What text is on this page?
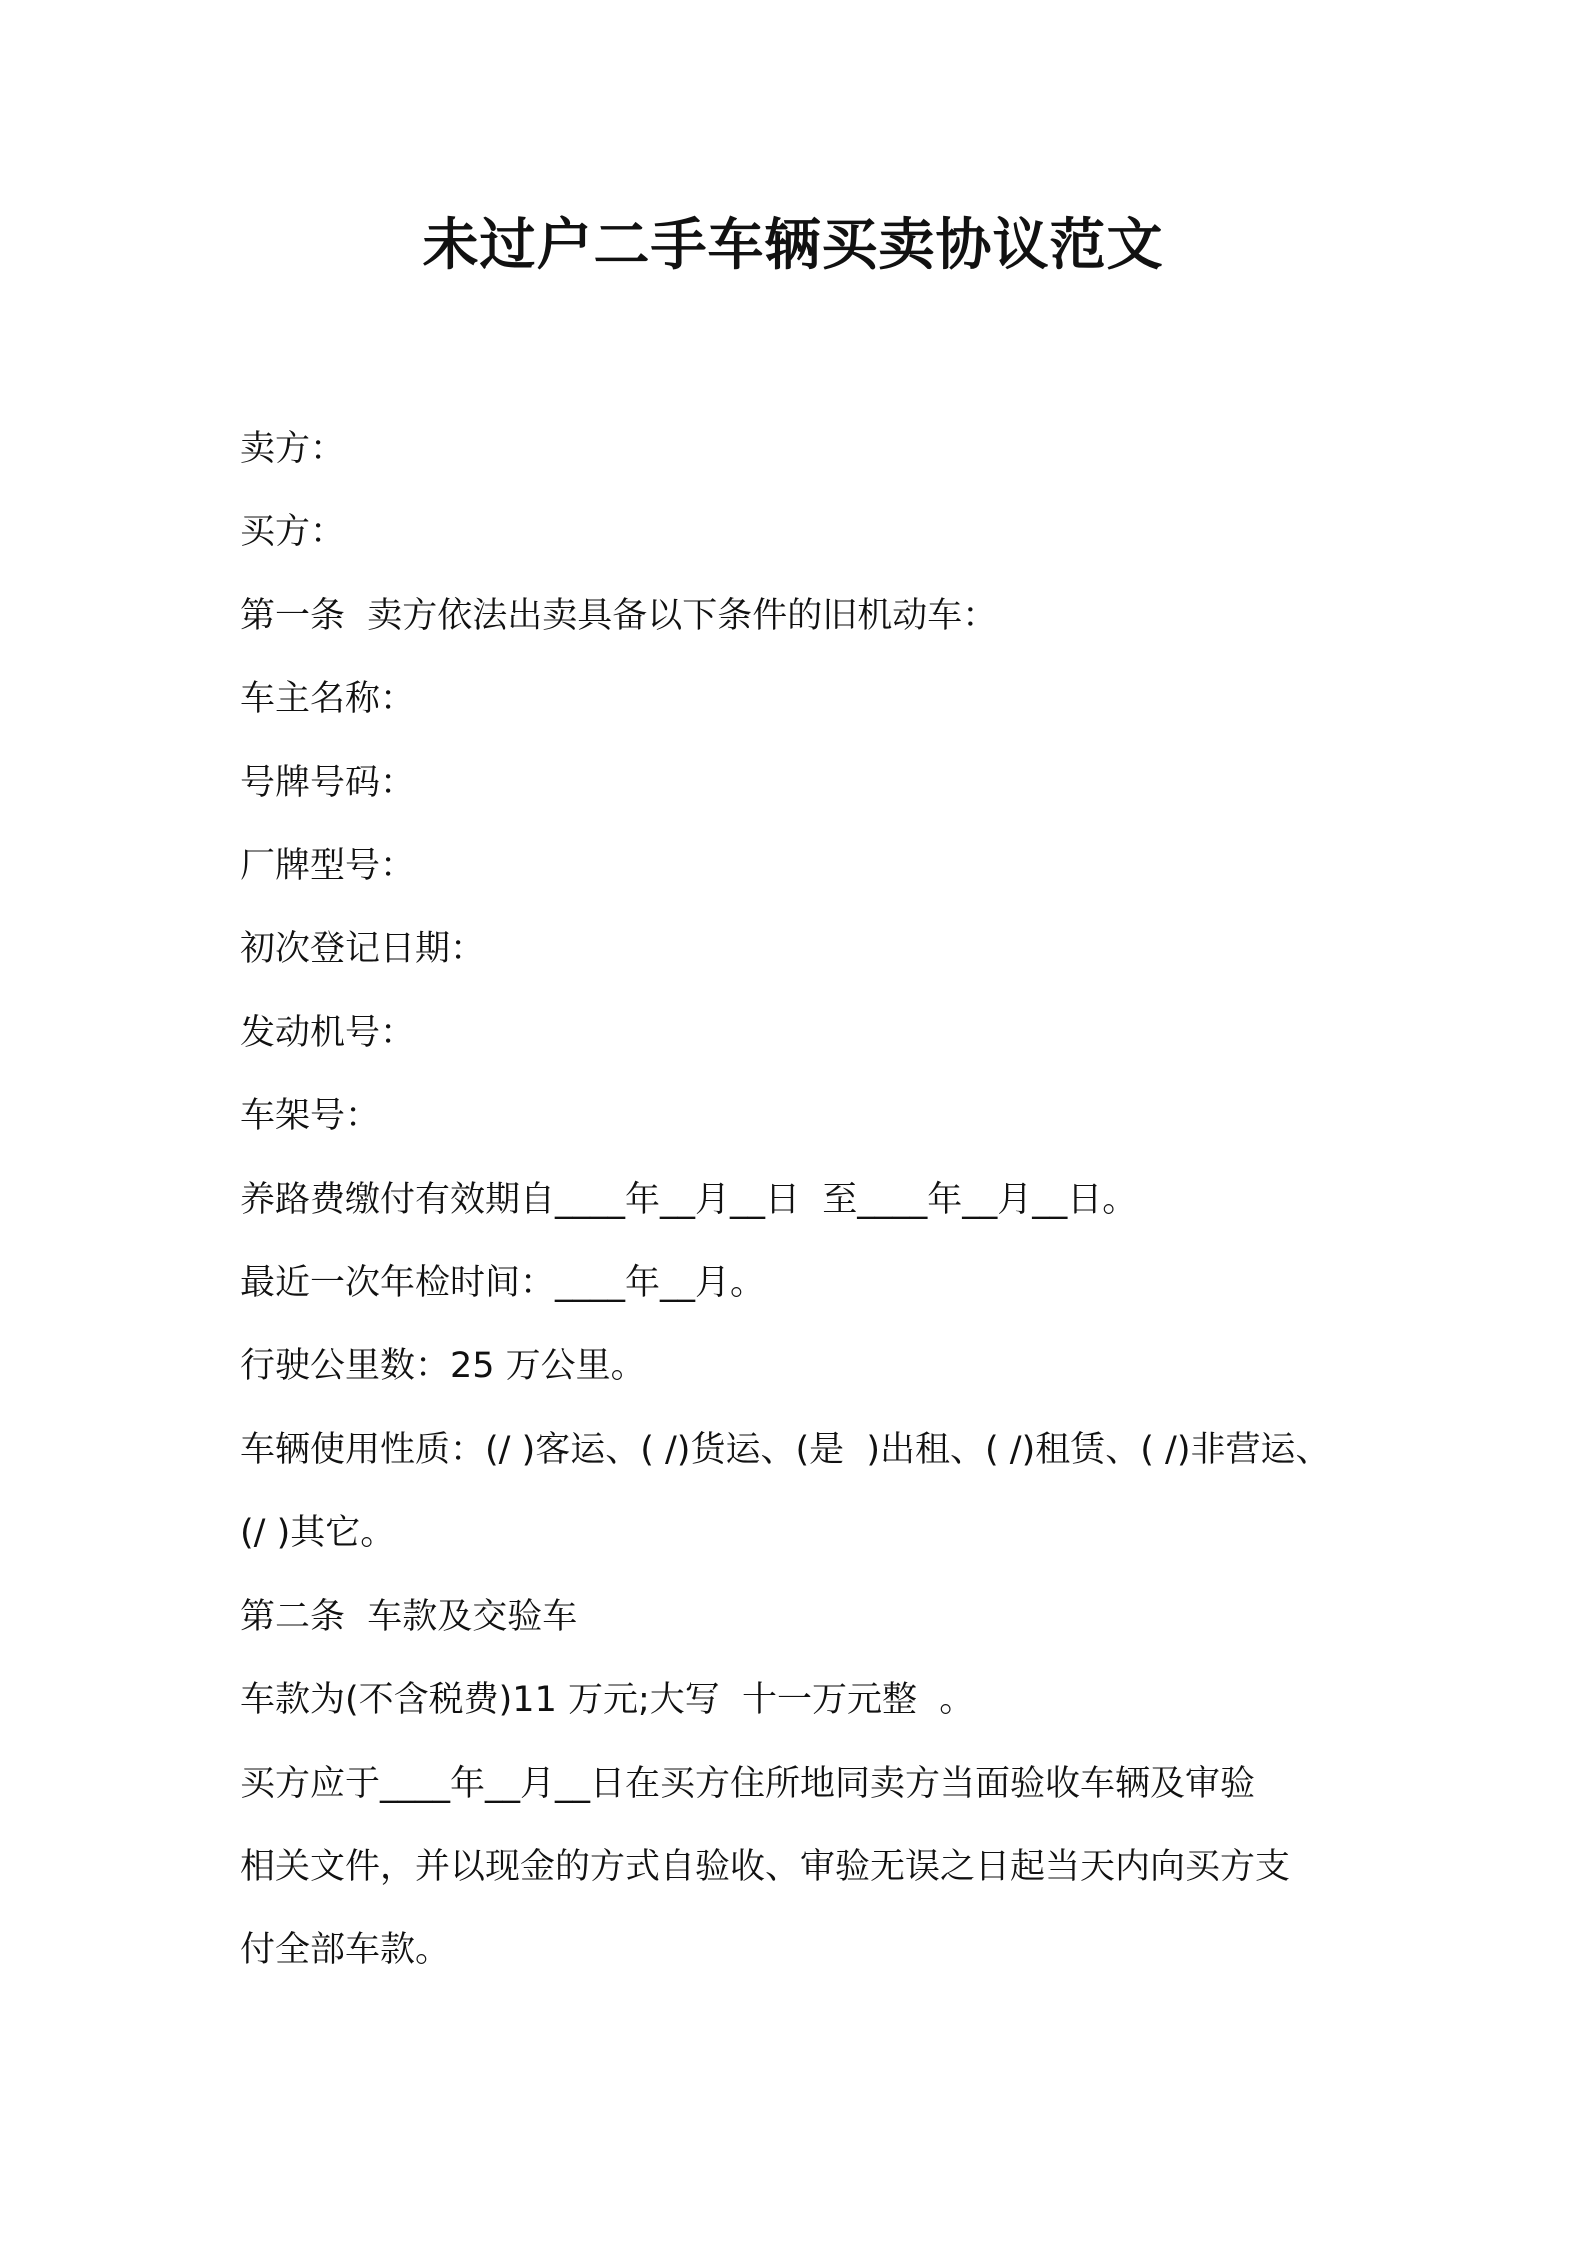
未过户二手车辆买卖协议范文

卖方：

买方：

第一条  卖方依法出卖具备以下条件的旧机动车：

车主名称：

号牌号码：

厂牌型号：

初次登记日期：

发动机号：

车架号：

养路费缴付有效期自____年__月__日  至____年__月__日。

最近一次年检时间：____年__月。

行驶公里数：25 万公里。

车辆使用性质：(/ )客运、( /)货运、(是  )出租、( /)租赁、( /)非营运、

(/ )其它。

第二条  车款及交验车

车款为(不含税费)11 万元;大写  十一万元整  。

买方应于____年__月__日在买方住所地同卖方当面验收车辆及审验

相关文件，并以现金的方式自验收、审验无误之日起当天内向买方支

付全部车款。
